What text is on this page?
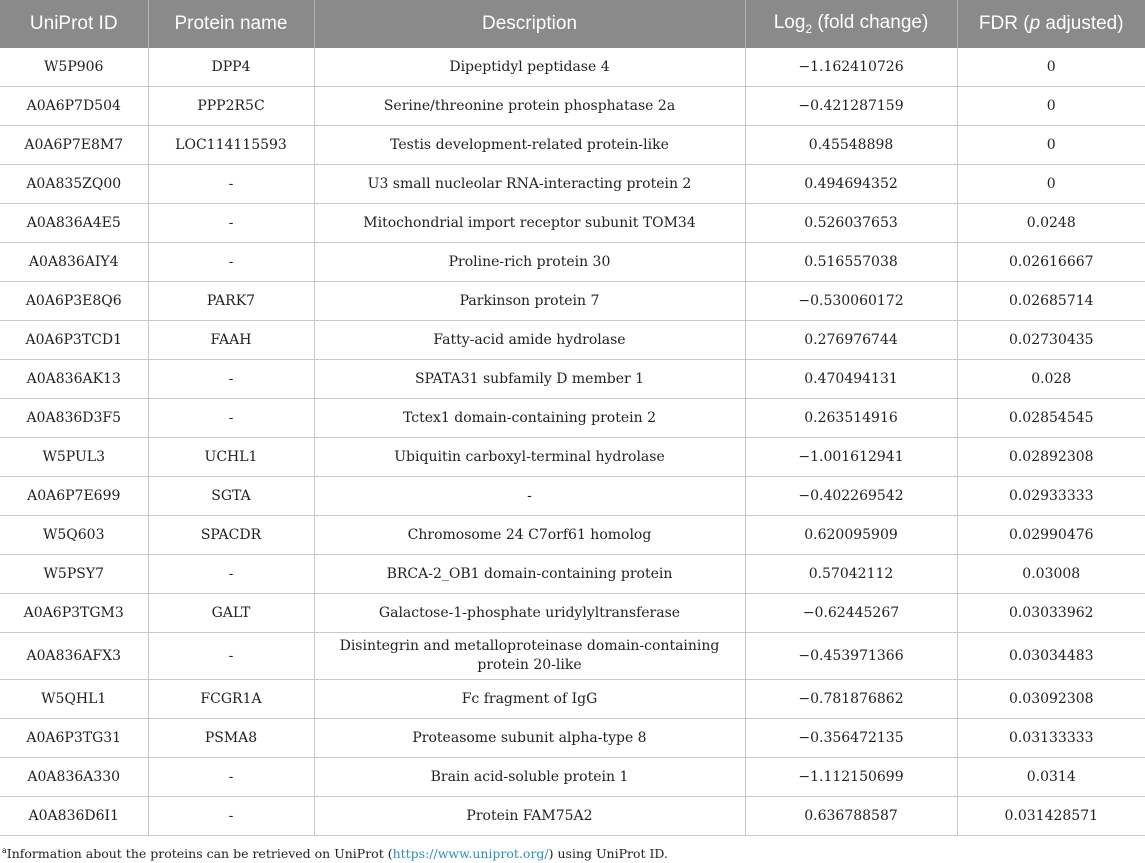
UniProt ID	Protein name	Description	Log$_2$ (fold change)	FDR (p adjusted)
W5P906	DPP4	Dipeptidyl peptidase 4	−1.162410726	0
A0A6P7D504	PPP2R5C	Serine/threonine protein phosphatase 2a	−0.421287159	0
A0A6P7E8M7	LOC114115593	Testis development-related protein-like	0.45548898	0
A0A835ZQ00	-	U3 small nucleolar RNA-interacting protein 2	0.494694352	0
A0A836A4E5	-	Mitochondrial import receptor subunit TOM34	0.526037653	0.0248
A0A836AIY4	-	Proline-rich protein 30	0.516557038	0.02616667
A0A6P3E8Q6	PARK7	Parkinson protein 7	−0.530060172	0.02685714
A0A6P3TCD1	FAAH	Fatty-acid amide hydrolase	0.276976744	0.02730435
A0A836AK13	-	SPATA31 subfamily D member 1	0.470494131	0.028
A0A836D3F5	-	Tctex1 domain-containing protein 2	0.263514916	0.02854545
W5PUL3	UCHL1	Ubiquitin carboxyl-terminal hydrolase	−1.001612941	0.02892308
A0A6P7E699	SGTA	-	−0.402269542	0.02933333
W5Q603	SPACDR	Chromosome 24 C7orf61 homolog	0.620095909	0.02990476
W5PSY7	-	BRCA-2_OB1 domain-containing protein	0.57042112	0.03008
A0A6P3TGM3	GALT	Galactose-1-phosphate uridylyltransferase	−0.62445267	0.03033962
A0A836AFX3	-	Disintegrin and metalloproteinase domain-containing protein 20-like	−0.453971366	0.03034483
W5QHL1	FCGR1A	Fc fragment of IgG	−0.781876862	0.03092308
A0A6P3TG31	PSMA8	Proteasome subunit alpha-type 8	−0.356472135	0.03133333
A0A836A330	-	Brain acid-soluble protein 1	−1.112150699	0.0314
A0A836D6I1	-	Protein FAM75A2	0.636788587	0.031428571
$^a$Information about the proteins can be retrieved on UniProt (https://www.uniprot.org/) using UniProt ID.
